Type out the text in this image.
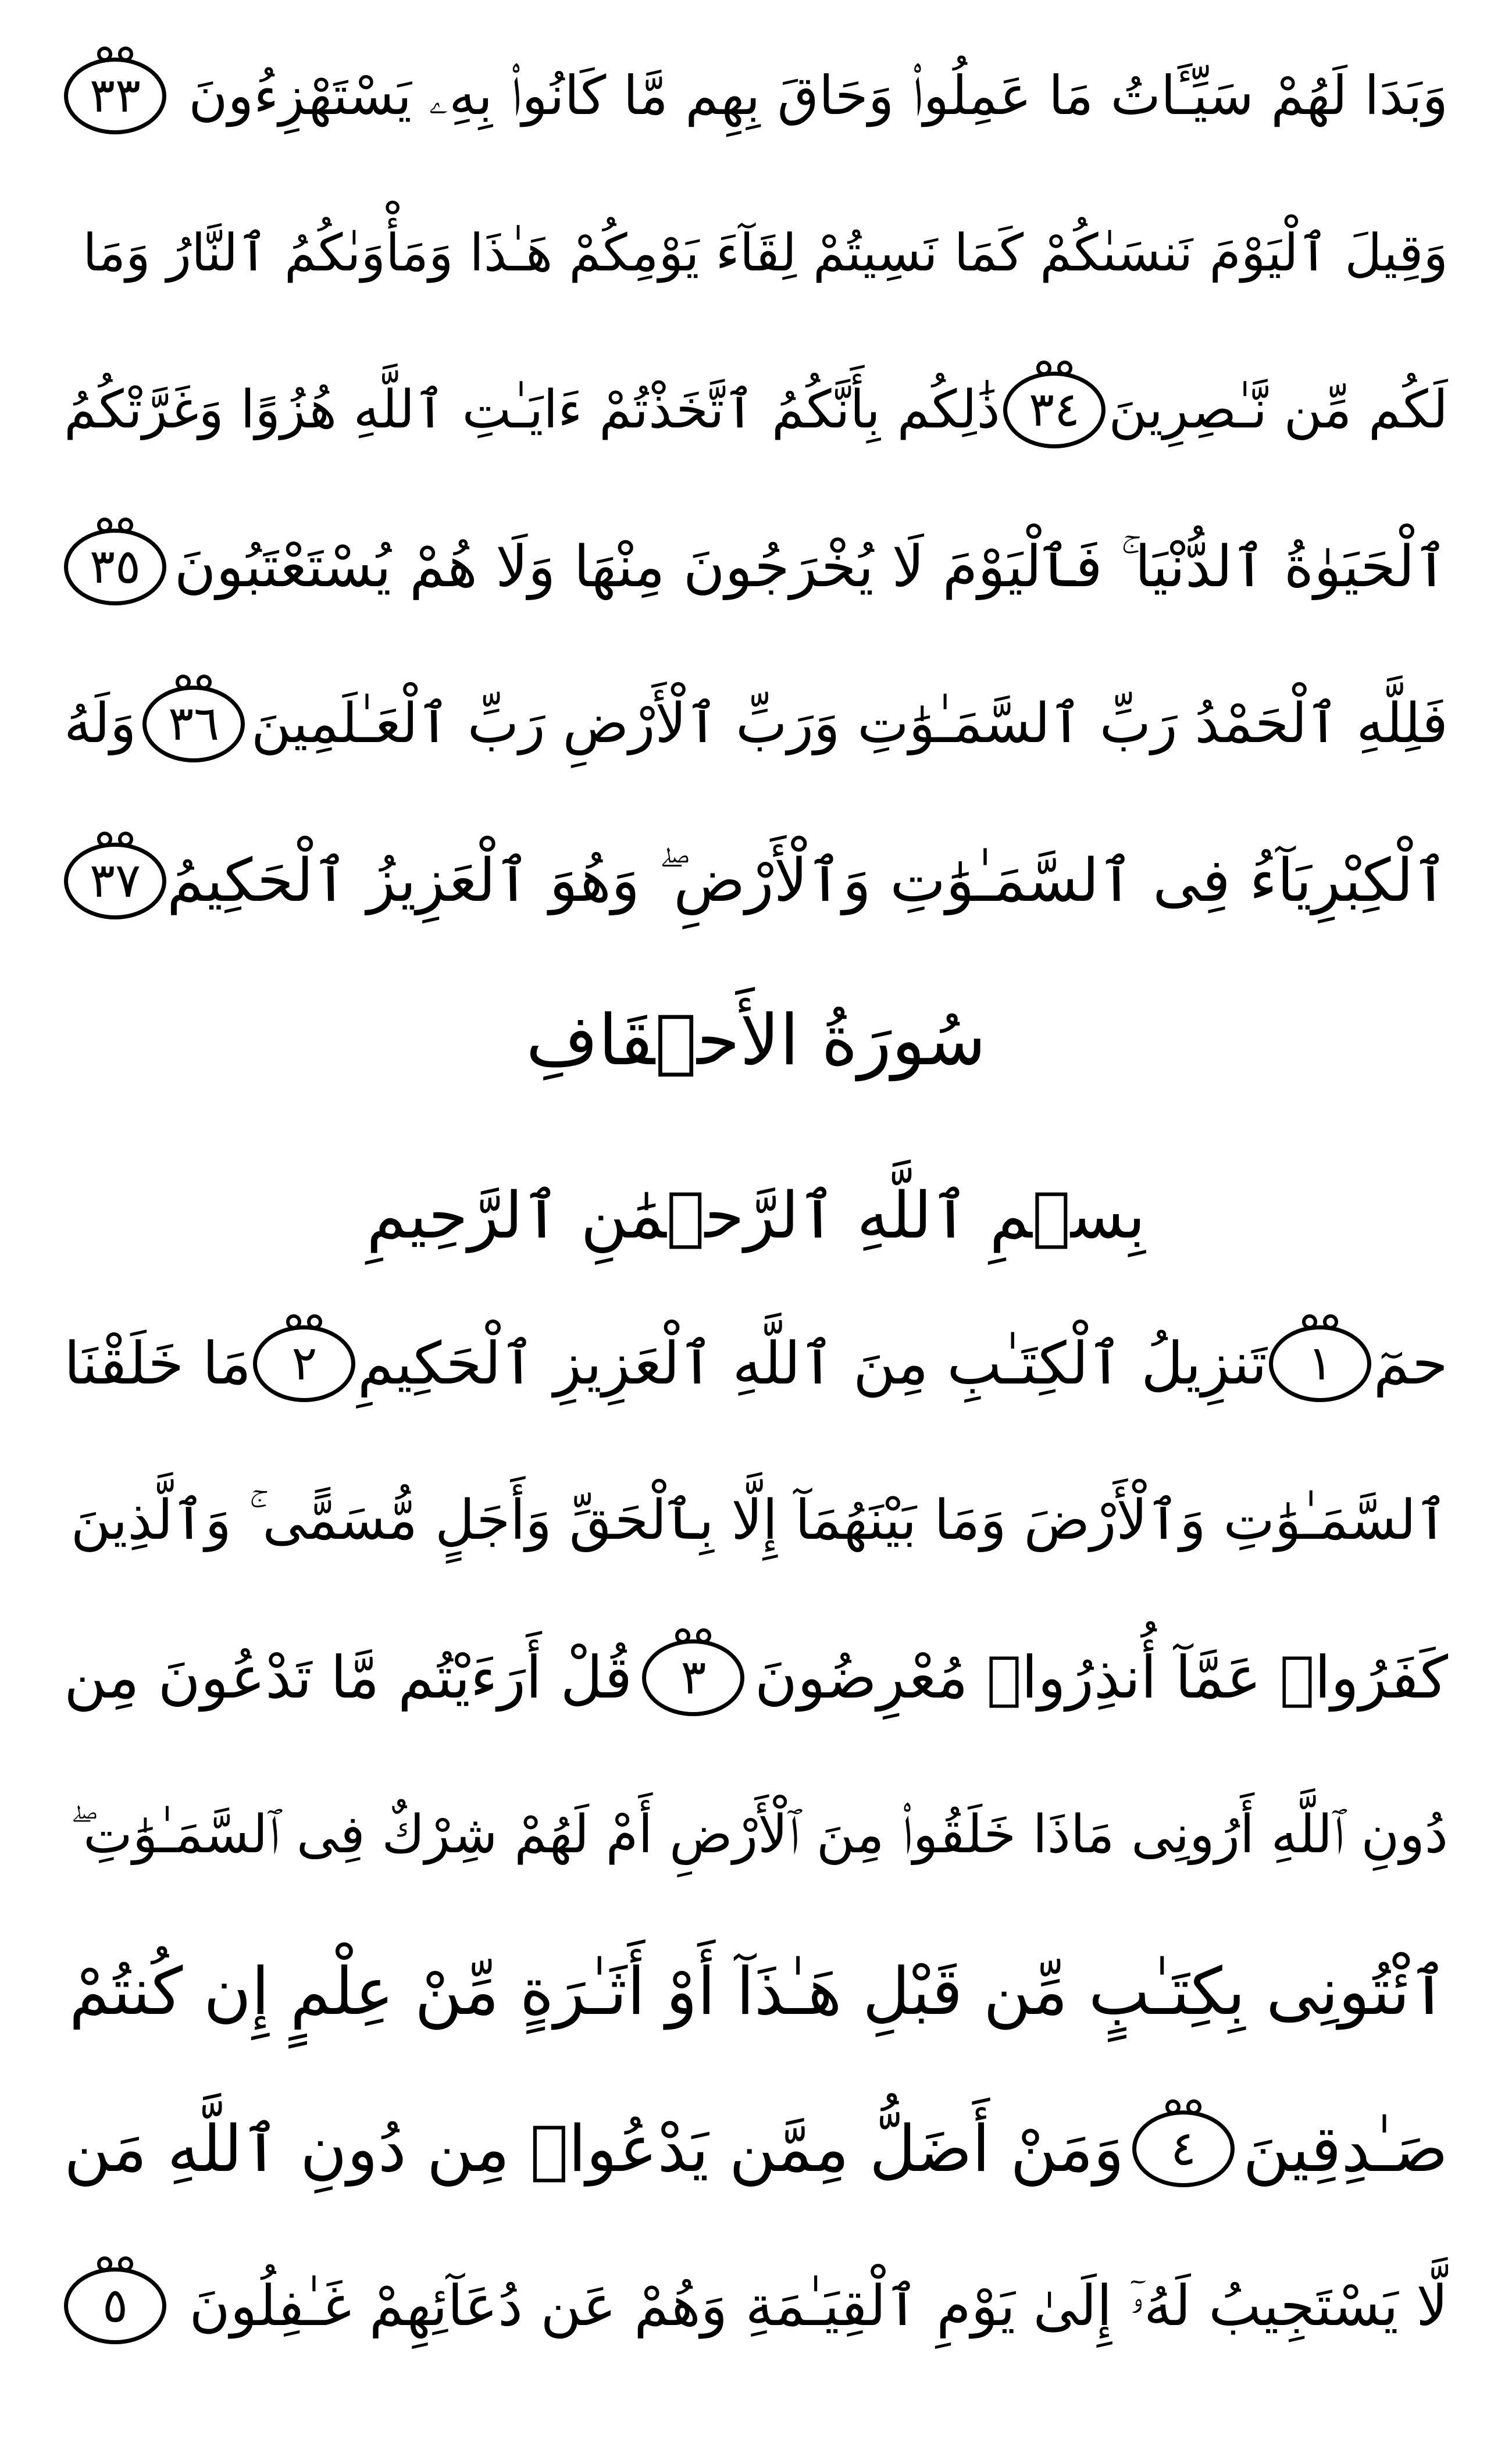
وَبَدَا لَهُمْ سَيِّـَٔاتُ مَا عَمِلُوا۟ وَحَاقَ بِهِم مَّا كَانُوا۟ بِهِۦ يَسْتَهْزِءُونَ
٣٣
وَقِيلَ ٱلْيَوْمَ نَنسَىٰكُمْ كَمَا نَسِيتُمْ لِقَآءَ يَوْمِكُمْ هَـٰذَا وَمَأْوَىٰكُمُ ٱلنَّارُ وَمَا
لَكُم مِّن نَّـٰصِرِينَ
٣٤
ذَٰلِكُم بِأَنَّكُمُ ٱتَّخَذْتُمْ ءَايَـٰتِ ٱللَّهِ هُزُوًا وَغَرَّتْكُمُ
ٱلْحَيَوٰةُ ٱلدُّنْيَا ۚ فَٱلْيَوْمَ لَا يُخْرَجُونَ مِنْهَا وَلَا هُمْ يُسْتَعْتَبُونَ
٣٥
فَلِلَّهِ ٱلْحَمْدُ رَبِّ ٱلسَّمَـٰوَٰتِ وَرَبِّ ٱلْأَرْضِ رَبِّ ٱلْعَـٰلَمِينَ
٣٦
وَلَهُ
ٱلْكِبْرِيَآءُ فِى ٱلسَّمَـٰوَٰتِ وَٱلْأَرْضِ ۖ وَهُوَ ٱلْعَزِيزُ ٱلْحَكِيمُ
٣٧
سُورَةُ الأَحۡقَافِ
بِسۡمِ ٱللَّهِ ٱلرَّحۡمَٰنِ ٱلرَّحِيمِ
حمٓ
١
تَنزِيلُ ٱلْكِتَـٰبِ مِنَ ٱللَّهِ ٱلْعَزِيزِ ٱلْحَكِيمِ
٢
مَا خَلَقْنَا
ٱلسَّمَـٰوَٰتِ وَٱلْأَرْضَ وَمَا بَيْنَهُمَآ إِلَّا بِٱلْحَقِّ وَأَجَلٍ مُّسَمًّى ۚ وَٱلَّذِينَ
كَفَرُوا۟ عَمَّآ أُنذِرُوا۟ مُعْرِضُونَ
٣
قُلْ أَرَءَيْتُم مَّا تَدْعُونَ مِن
دُونِ ٱللَّهِ أَرُونِى مَاذَا خَلَقُوا۟ مِنَ ٱلْأَرْضِ أَمْ لَهُمْ شِرْكٌ فِى ٱلسَّمَـٰوَٰتِ ۖ
ٱئْتُونِى بِكِتَـٰبٍ مِّن قَبْلِ هَـٰذَآ أَوْ أَثَـٰرَةٍ مِّنْ عِلْمٍ إِن كُنتُمْ
صَـٰدِقِينَ
٤
وَمَنْ أَضَلُّ مِمَّن يَدْعُوا۟ مِن دُونِ ٱللَّهِ مَن
لَّا يَسْتَجِيبُ لَهُۥٓ إِلَىٰ يَوْمِ ٱلْقِيَـٰمَةِ وَهُمْ عَن دُعَآئِهِمْ غَـٰفِلُونَ
٥
